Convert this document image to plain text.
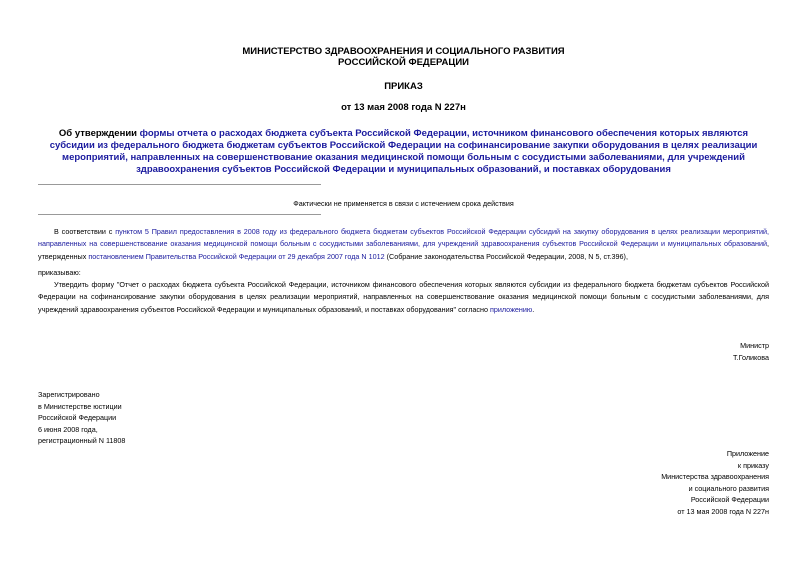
МИНИСТЕРСТВО ЗДРАВООХРАНЕНИЯ И СОЦИАЛЬНОГО РАЗВИТИЯ
РОССИЙСКОЙ ФЕДЕРАЦИИ
ПРИКАЗ
от 13 мая 2008 года N 227н
Об утверждении формы отчета о расходах бюджета субъекта Российской Федерации, источником финансового обеспечения которых являются субсидии из федерального бюджета бюджетам субъектов Российской Федерации на софинансирование закупки оборудования в целях реализации мероприятий, направленных на совершенствование оказания медицинской помощи больным с сосудистыми заболеваниями, для учреждений здравоохранения субъектов Российской Федерации и муниципальных образований, и поставках оборудования
Фактически не применяется в связи с истечением срока действия
В соответствии с пунктом 5 Правил предоставления в 2008 году из федерального бюджета бюджетам субъектов Российской Федерации субсидий на закупку оборудования в целях реализации мероприятий, направленных на совершенствование оказания медицинской помощи больным с сосудистыми заболеваниями, для учреждений здравоохранения субъектов Российской Федерации и муниципальных образований, утвержденных постановлением Правительства Российской Федерации от 29 декабря 2007 года N 1012 (Собрание законодательства Российской Федерации, 2008, N 5, ст.396),
приказываю:
Утвердить форму "Отчет о расходах бюджета субъекта Российской Федерации, источником финансового обеспечения которых являются субсидии из федерального бюджета бюджетам субъектов Российской Федерации на софинансирование закупки оборудования в целях реализации мероприятий, направленных на совершенствование оказания медицинской помощи больным с сосудистыми заболеваниями, для учреждений здравоохранения субъектов Российской Федерации и муниципальных образований, и поставках оборудования" согласно приложению.
Министр
Т.Голикова
Зарегистрировано
в Министерстве юстиции
Российской Федерации
6 июня 2008 года,
регистрационный N 11808
Приложение
к приказу
Министерства здравоохранения
и социального развития
Российской Федерации
от 13 мая 2008 года N 227н
